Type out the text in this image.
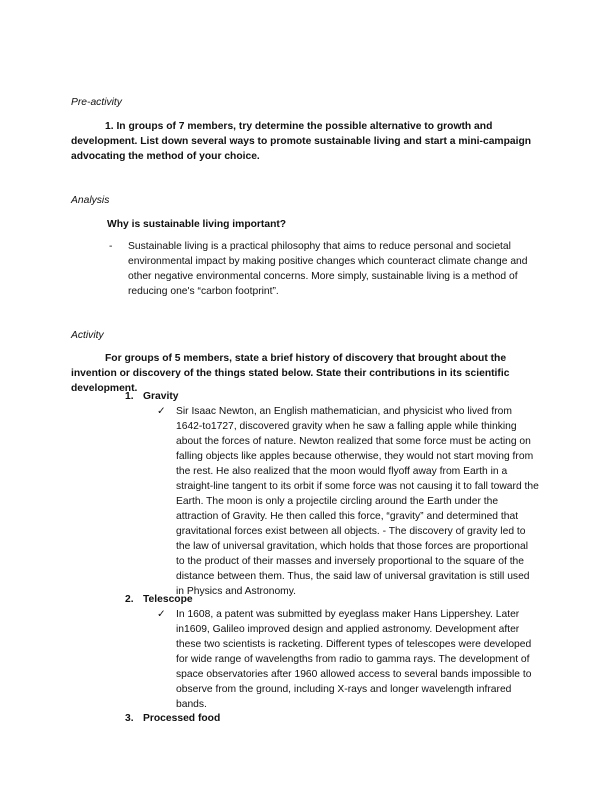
Pre-activity
1. In groups of 7 members, try determine the possible alternative to growth and development. List down several ways to promote sustainable living and start a mini-campaign advocating the method of your choice.
Analysis
Why is sustainable living important?
- Sustainable living is a practical philosophy that aims to reduce personal and societal environmental impact by making positive changes which counteract climate change and other negative environmental concerns. More simply, sustainable living is a method of reducing one's “carbon footprint”.
Activity
For groups of 5 members, state a brief history of discovery that brought about the invention or discovery of the things stated below. State their contributions in its scientific development.
1. Gravity
✓ Sir Isaac Newton, an English mathematician, and physicist who lived from 1642-to1727, discovered gravity when he saw a falling apple while thinking about the forces of nature. Newton realized that some force must be acting on falling objects like apples because otherwise, they would not start moving from the rest. He also realized that the moon would flyoff away from Earth in a straight-line tangent to its orbit if some force was not causing it to fall toward the Earth. The moon is only a projectile circling around the Earth under the attraction of Gravity. He then called this force, “gravity” and determined that gravitational forces exist between all objects. - The discovery of gravity led to the law of universal gravitation, which holds that those forces are proportional to the product of their masses and inversely proportional to the square of the distance between them. Thus, the said law of universal gravitation is still used in Physics and Astronomy.
2. Telescope
✓ In 1608, a patent was submitted by eyeglass maker Hans Lippershey. Later in1609, Galileo improved design and applied astronomy. Development after these two scientists is racketing. Different types of telescopes were developed for wide range of wavelengths from radio to gamma rays. The development of space observatories after 1960 allowed access to several bands impossible to observe from the ground, including X-rays and longer wavelength infrared bands.
3. Processed food
